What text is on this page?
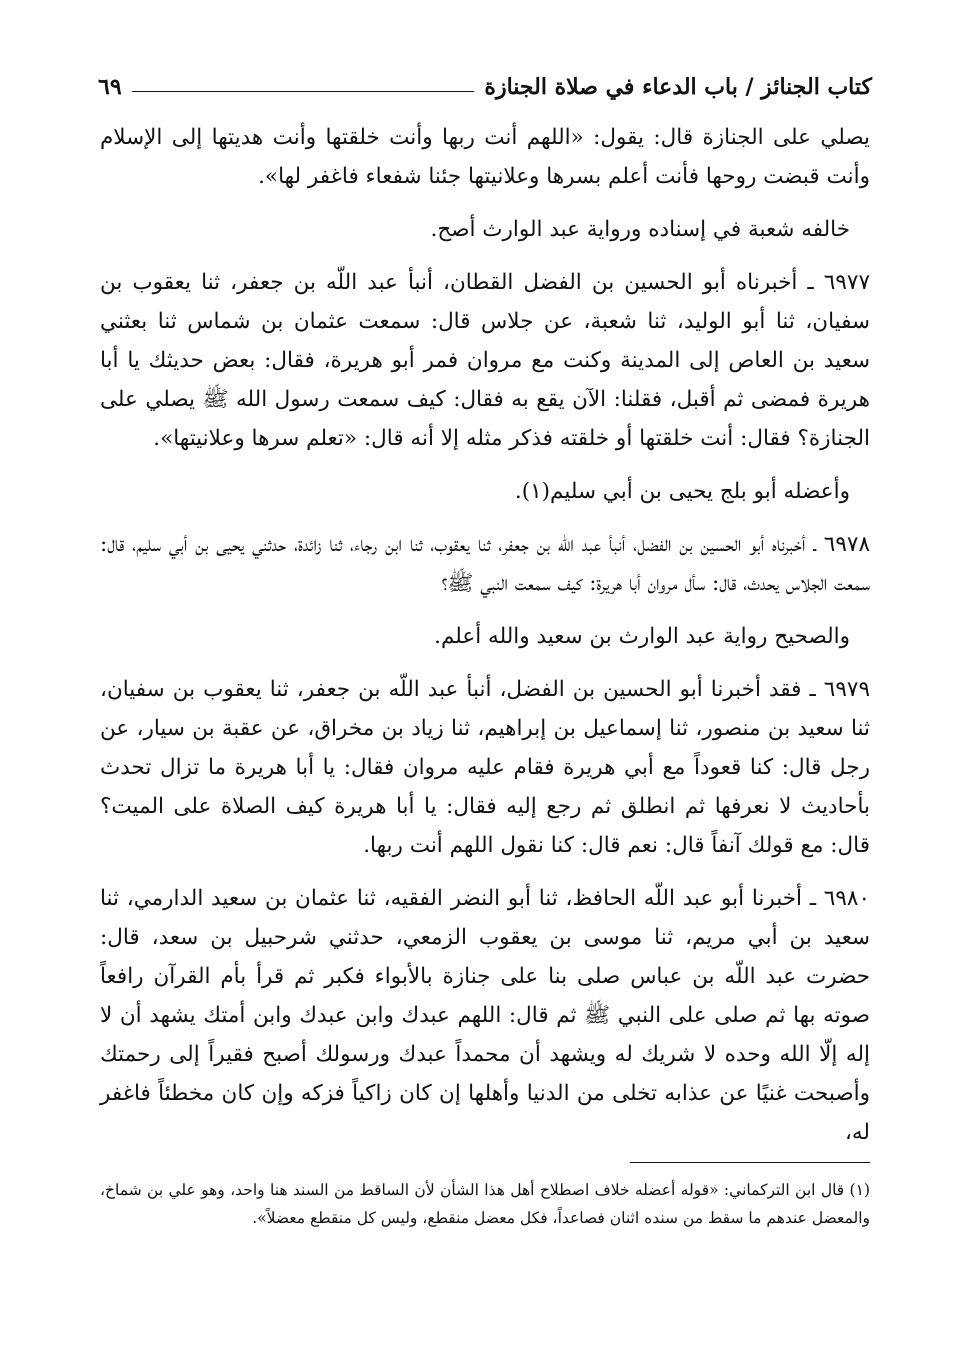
كتاب الجنائز / باب الدعاء في صلاة الجنازة
٦٩

يصلي على الجنازة قال: يقول: «اللهم أنت ربها وأنت خلقتها وأنت هديتها إلى الإسلام وأنت قبضت روحها فأنت أعلم بسرها وعلانيتها جئنا شفعاء فاغفر لها».

خالفه شعبة في إسناده ورواية عبد الوارث أصح.

٦٩٧٧ ـ أخبرناه أبو الحسين بن الفضل القطان، أنبأ عبد اللّه بن جعفر، ثنا يعقوب بن سفيان، ثنا أبو الوليد، ثنا شعبة، عن جلاس قال: سمعت عثمان بن شماس ثنا بعثني سعيد بن العاص إلى المدينة وكنت مع مروان فمر أبو هريرة، فقال: بعض حديثك يا أبا هريرة فمضى ثم أقبل، فقلنا: الآن يقع به فقال: كيف سمعت رسول الله ﷺ يصلي على الجنازة؟ فقال: أنت خلقتها أو خلقته فذكر مثله إلا أنه قال: «تعلم سرها وعلانيتها».

وأعضله أبو بلج يحيى بن أبي سليم(١).

٦٩٧٨ ـ أخبرناه أبو الحسين بن الفضل، أنبأ عبد اللّه بن جعفر، ثنا يعقوب، ثنا ابن رجاء، ثنا زائدة، حدثني يحيى بن أبي سليم، قال: سمعت الجلاس يحدث، قال: سأل مروان أبا هريرة: كيف سمعت النبي ﷺ؟

والصحيح رواية عبد الوارث بن سعيد والله أعلم.

٦٩٧٩ ـ فقد أخبرنا أبو الحسين بن الفضل، أنبأ عبد اللّه بن جعفر، ثنا يعقوب بن سفيان، ثنا سعيد بن منصور، ثنا إسماعيل بن إبراهيم، ثنا زياد بن مخراق، عن عقبة بن سيار، عن رجل قال: كنا قعوداً مع أبي هريرة فقام عليه مروان فقال: يا أبا هريرة ما تزال تحدث بأحاديث لا نعرفها ثم انطلق ثم رجع إليه فقال: يا أبا هريرة كيف الصلاة على الميت؟ قال: مع قولك آنفاً قال: نعم قال: كنا نقول اللهم أنت ربها.

٦٩٨٠ ـ أخبرنا أبو عبد اللّه الحافظ، ثنا أبو النضر الفقيه، ثنا عثمان بن سعيد الدارمي، ثنا سعيد بن أبي مريم، ثنا موسى بن يعقوب الزمعي، حدثني شرحبيل بن سعد، قال: حضرت عبد اللّه بن عباس صلى بنا على جنازة بالأبواء فكبر ثم قرأ بأم القرآن رافعاً صوته بها ثم صلى على النبي ﷺ ثم قال: اللهم عبدك وابن عبدك وابن أمتك يشهد أن لا إله إلّا الله وحده لا شريك له ويشهد أن محمداً عبدك ورسولك أصبح فقيراً إلى رحمتك وأصبحت غنيًا عن عذابه تخلى من الدنيا وأهلها إن كان زاكياً فزكه وإن كان مخطئاً فاغفر له،

(١) قال ابن التركماني: «قوله أعضله خلاف اصطلاح أهل هذا الشأن لأن الساقط من السند هنا واحد، وهو علي بن شماخ، والمعضل عندهم ما سقط من سنده اثنان فصاعداً، فكل معضل منقطع، وليس كل منقطع معضلاً».
